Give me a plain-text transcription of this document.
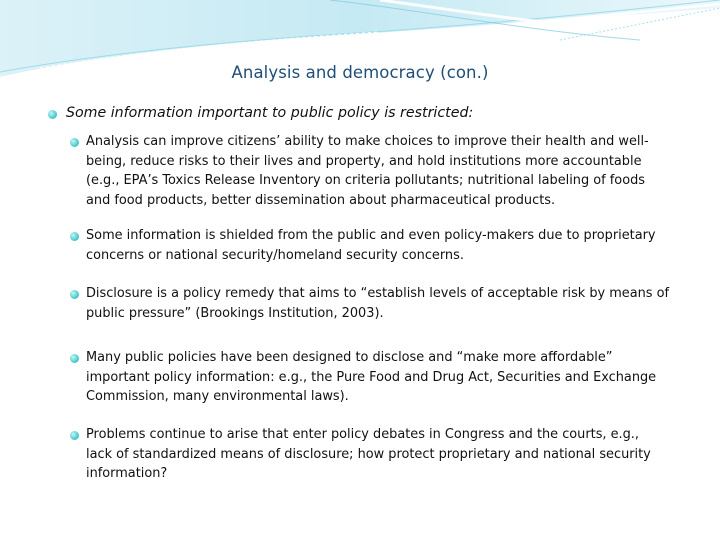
Analysis and democracy (con.)
Some information important to public policy is restricted:
Analysis can improve citizens’ ability to make choices to improve their health and well-
being, reduce risks to their lives and property, and hold institutions more accountable
(e.g., EPA’s Toxics Release Inventory on criteria pollutants; nutritional labeling of foods
and food products, better dissemination about pharmaceutical products.
Some information is shielded from the public and even policy-makers due to proprietary
concerns or national security/homeland security concerns.
Disclosure is a policy remedy that aims to “establish levels of acceptable risk by means of
public pressure” (Brookings Institution, 2003).
Many public policies have been designed to disclose and “make more affordable”
important policy information: e.g., the Pure Food and Drug Act, Securities and Exchange
Commission, many environmental laws).
Problems continue to arise that enter policy debates in Congress and the courts, e.g.,
lack of standardized means of disclosure; how protect proprietary and national security
information?
